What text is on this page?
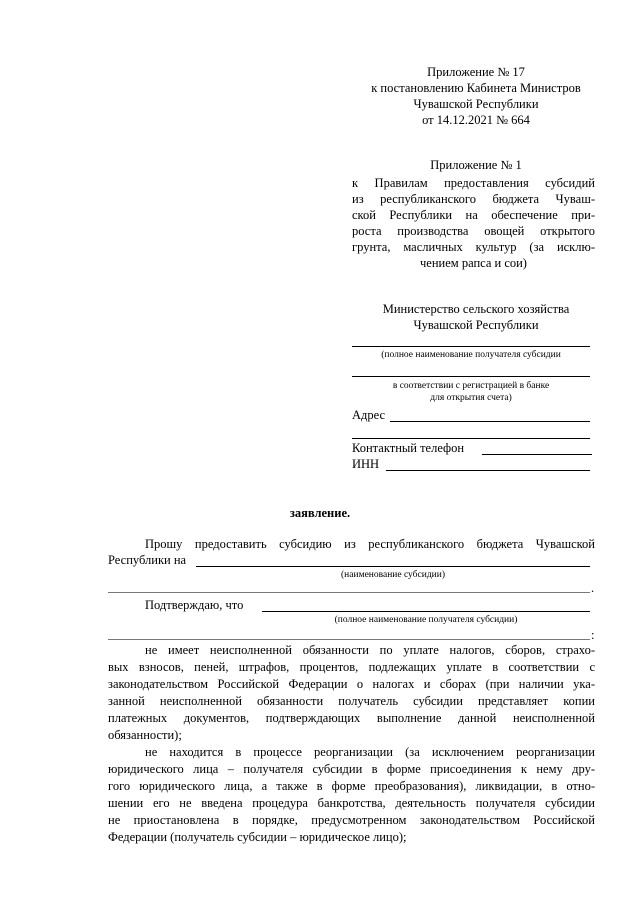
Приложение № 17
к постановлению Кабинета Министров
Чувашской Республики
от 14.12.2021 № 664
Приложение № 1
к Правилам предоставления субсидий
из республиканского бюджета Чуваш-
ской Республики на обеспечение при-
роста производства овощей открытого
грунта, масличных культур (за исклю-
чением рапса и сои)
Министерство сельского хозяйства
Чувашской Республики
(полное наименование получателя субсидии
в соответствии с регистрацией в банке
для открытия счета)
Адрес
Контактный телефон
ИНН
заявление.
Прошу предоставить субсидию из республиканского бюджета Чувашской
Республики на
(наименование субсидии)
.
Подтверждаю, что
(полное наименование получателя субсидии)
:
не имеет неисполненной обязанности по уплате налогов, сборов, страхо-
вых взносов, пеней, штрафов, процентов, подлежащих уплате в соответствии с
законодательством Российской Федерации о налогах и сборах (при наличии ука-
занной неисполненной обязанности получатель субсидии представляет копии
платежных документов, подтверждающих выполнение данной неисполненной
обязанности);
не находится в процессе реорганизации (за исключением реорганизации
юридического лица – получателя субсидии в форме присоединения к нему дру-
гого юридического лица, а также в форме преобразования), ликвидации, в отно-
шении его не введена процедура банкротства, деятельность получателя субсидии
не приостановлена в порядке, предусмотренном законодательством Российской
Федерации (получатель субсидии – юридическое лицо);
